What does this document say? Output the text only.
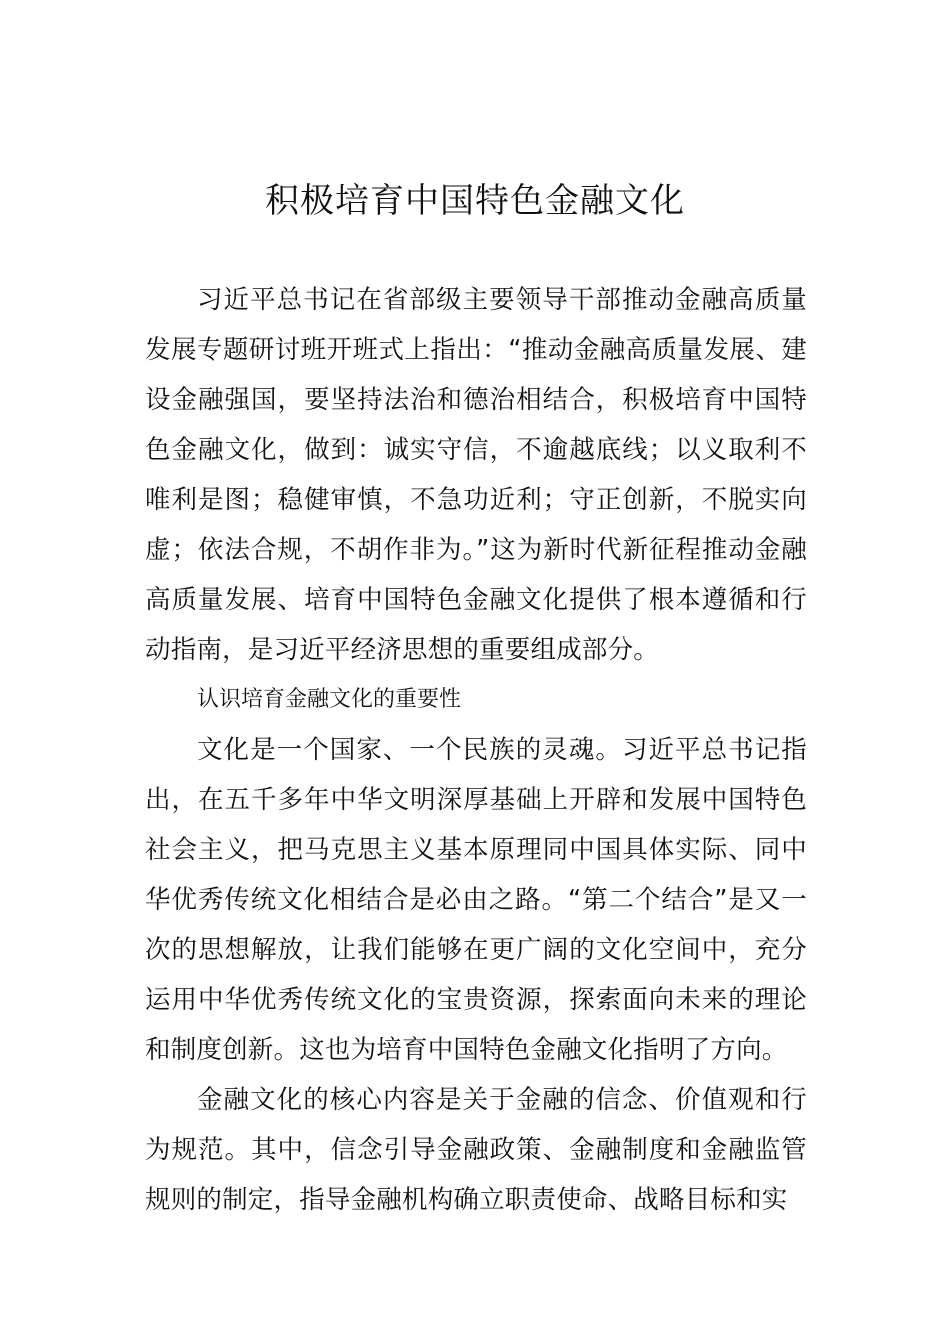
积极培育中国特色金融文化

习近平总书记在省部级主要领导干部推动金融高质量发展专题研讨班开班式上指出：“推动金融高质量发展、建设金融强国，要坚持法治和德治相结合，积极培育中国特色金融文化，做到：诚实守信，不逾越底线；以义取利不唯利是图；稳健审慎，不急功近利；守正创新，不脱实向虚；依法合规，不胡作非为。”这为新时代新征程推动金融高质量发展、培育中国特色金融文化提供了根本遵循和行动指南，是习近平经济思想的重要组成部分。

认识培育金融文化的重要性

文化是一个国家、一个民族的灵魂。习近平总书记指出，在五千多年中华文明深厚基础上开辟和发展中国特色社会主义，把马克思主义基本原理同中国具体实际、同中华优秀传统文化相结合是必由之路。“第二个结合”是又一次的思想解放，让我们能够在更广阔的文化空间中，充分运用中华优秀传统文化的宝贵资源，探索面向未来的理论和制度创新。这也为培育中国特色金融文化指明了方向。

金融文化的核心内容是关于金融的信念、价值观和行为规范。其中，信念引导金融政策、金融制度和金融监管规则的制定，指导金融机构确立职责使命、战略目标和实
